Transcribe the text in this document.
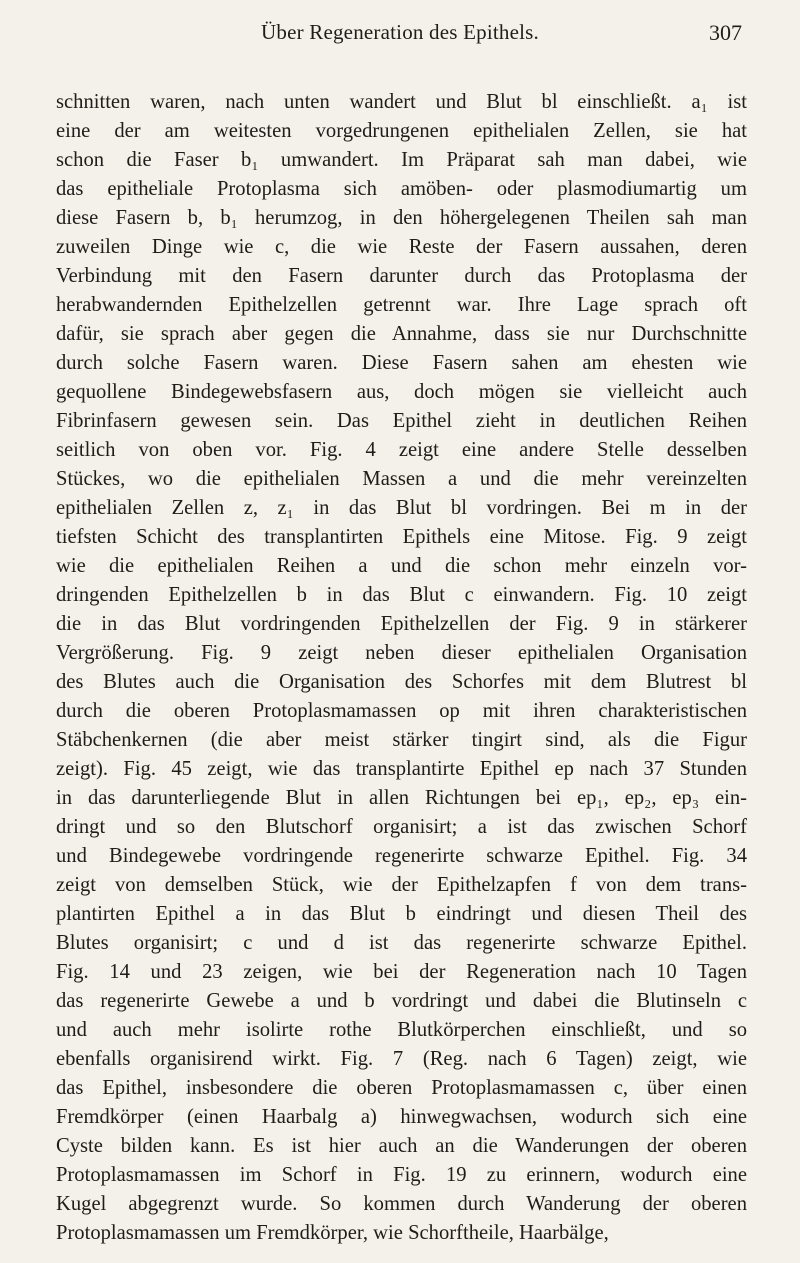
Über Regeneration des Epithels.	307
schnitten waren, nach unten wandert und Blut bl einschließt. a₁ ist
eine der am weitesten vorgedrungenen epithelialen Zellen, sie hat
schon die Faser b₁ umwandert. Im Präparat sah man dabei, wie
das epitheliale Protoplasma sich amöben- oder plasmodiumartig um
diese Fasern b, b₁ herumzog, in den höhergelegenen Theilen sah man
zuweilen Dinge wie c, die wie Reste der Fasern aussahen, deren
Verbindung mit den Fasern darunter durch das Protoplasma der
herabwandernden Epithelzellen getrennt war. Ihre Lage sprach oft
dafür, sie sprach aber gegen die Annahme, dass sie nur Durchschnitte
durch solche Fasern waren. Diese Fasern sahen am ehesten wie
gequollene Bindegewebsfasern aus, doch mögen sie vielleicht auch
Fibrinfasern gewesen sein. Das Epithel zieht in deutlichen Reihen
seitlich von oben vor. Fig. 4 zeigt eine andere Stelle desselben
Stückes, wo die epithelialen Massen a und die mehr vereinzelten
epithelialen Zellen z, z₁ in das Blut bl vordringen. Bei m in der
tiefsten Schicht des transplantirten Epithels eine Mitose. Fig. 9 zeigt
wie die epithelialen Reihen a und die schon mehr einzeln vor-
dringenden Epithelzellen b in das Blut c einwandern. Fig. 10 zeigt
die in das Blut vordringenden Epithelzellen der Fig. 9 in stärkerer
Vergrößerung. Fig. 9 zeigt neben dieser epithelialen Organisation
des Blutes auch die Organisation des Schorfes mit dem Blutrest bl
durch die oberen Protoplasmamassen op mit ihren charakteristischen
Stäbchenkernen (die aber meist stärker tingirt sind, als die Figur
zeigt). Fig. 45 zeigt, wie das transplantirte Epithel ep nach 37 Stunden
in das darunterliegende Blut in allen Richtungen bei ep₁, ep₂, ep₃ ein-
dringt und so den Blutschorf organisirt; a ist das zwischen Schorf
und Bindegewebe vordringende regenerirte schwarze Epithel. Fig. 34
zeigt von demselben Stück, wie der Epithelzapfen f von dem trans-
plantirten Epithel a in das Blut b eindringt und diesen Theil des
Blutes organisirt; c und d ist das regenerirte schwarze Epithel.
Fig. 14 und 23 zeigen, wie bei der Regeneration nach 10 Tagen
das regenerirte Gewebe a und b vordringt und dabei die Blutinseln c
und auch mehr isolirte rothe Blutkörperchen einschließt, und so
ebenfalls organisirend wirkt. Fig. 7 (Reg. nach 6 Tagen) zeigt, wie
das Epithel, insbesondere die oberen Protoplasmamassen c, über einen
Fremdkörper (einen Haarbalg a) hinwegwachsen, wodurch sich eine
Cyste bilden kann. Es ist hier auch an die Wanderungen der oberen
Protoplasmamassen im Schorf in Fig. 19 zu erinnern, wodurch eine
Kugel abgegrenzt wurde. So kommen durch Wanderung der oberen
Protoplasmamassen um Fremdkörper, wie Schorftheile, Haarbälge,
